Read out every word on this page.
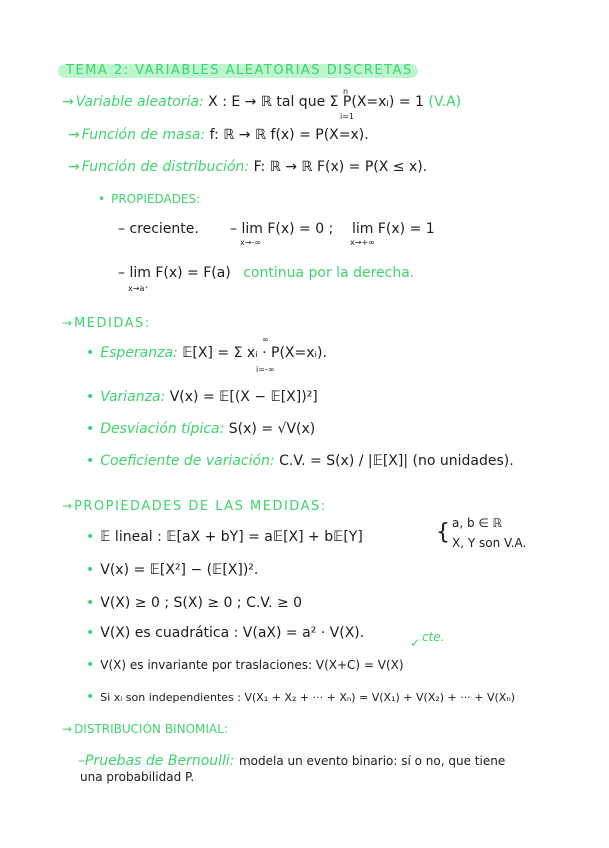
TEMA 2: VARIABLES ALEATORIAS DISCRETAS
→ Variable aleatoria: X : E → ℝ tal que Σ P(X=xᵢ) = 1 (V.A)
n
i=1
→ Función de masa: f: ℝ → ℝ f(x) = P(X=x).
→ Función de distribución: F: ℝ → ℝ F(x) = P(X ≤ x).
• PROPIEDADES:
– creciente. – lim F(x) = 0 ;
x→-∞
lim F(x) = 1
x→+∞
– lim F(x) = F(a) continua por la derecha.
x→a⁺
→ MEDIDAS:
• Esperanza: 𝔼[X] = Σ xᵢ · P(X=xᵢ).
∞
i=-∞
• Varianza: V(x) = 𝔼[(X − 𝔼[X])²]
• Desviación típica: S(x) = √V(x)
• Coeficiente de variación: C.V. = S(x) / |𝔼[X]| (no unidades).
→ PROPIEDADES DE LAS MEDIDAS:
• 𝔼 lineal : 𝔼[aX + bY] = a𝔼[X] + b𝔼[Y]	{ a, b ∈ ℝ
X, Y son V.A.
• V(x) = 𝔼[X²] − (𝔼[X])².
• V(X) ≥ 0 ; S(X) ≥ 0 ; C.V. ≥ 0
• V(X) es cuadrática : V(aX) = a² · V(X).
✓ cte.
• V(X) es invariante por traslaciones: V(X+C) = V(X)
• Si xᵢ son independientes : V(X₁ + X₂ + ··· + Xₙ) = V(X₁) + V(X₂) + ··· + V(Xₙ)
→ DISTRIBUCIÓN BINOMIAL:
–Pruebas de Bernoulli: modela un evento binario: sí o no, que tiene
una probabilidad P.
